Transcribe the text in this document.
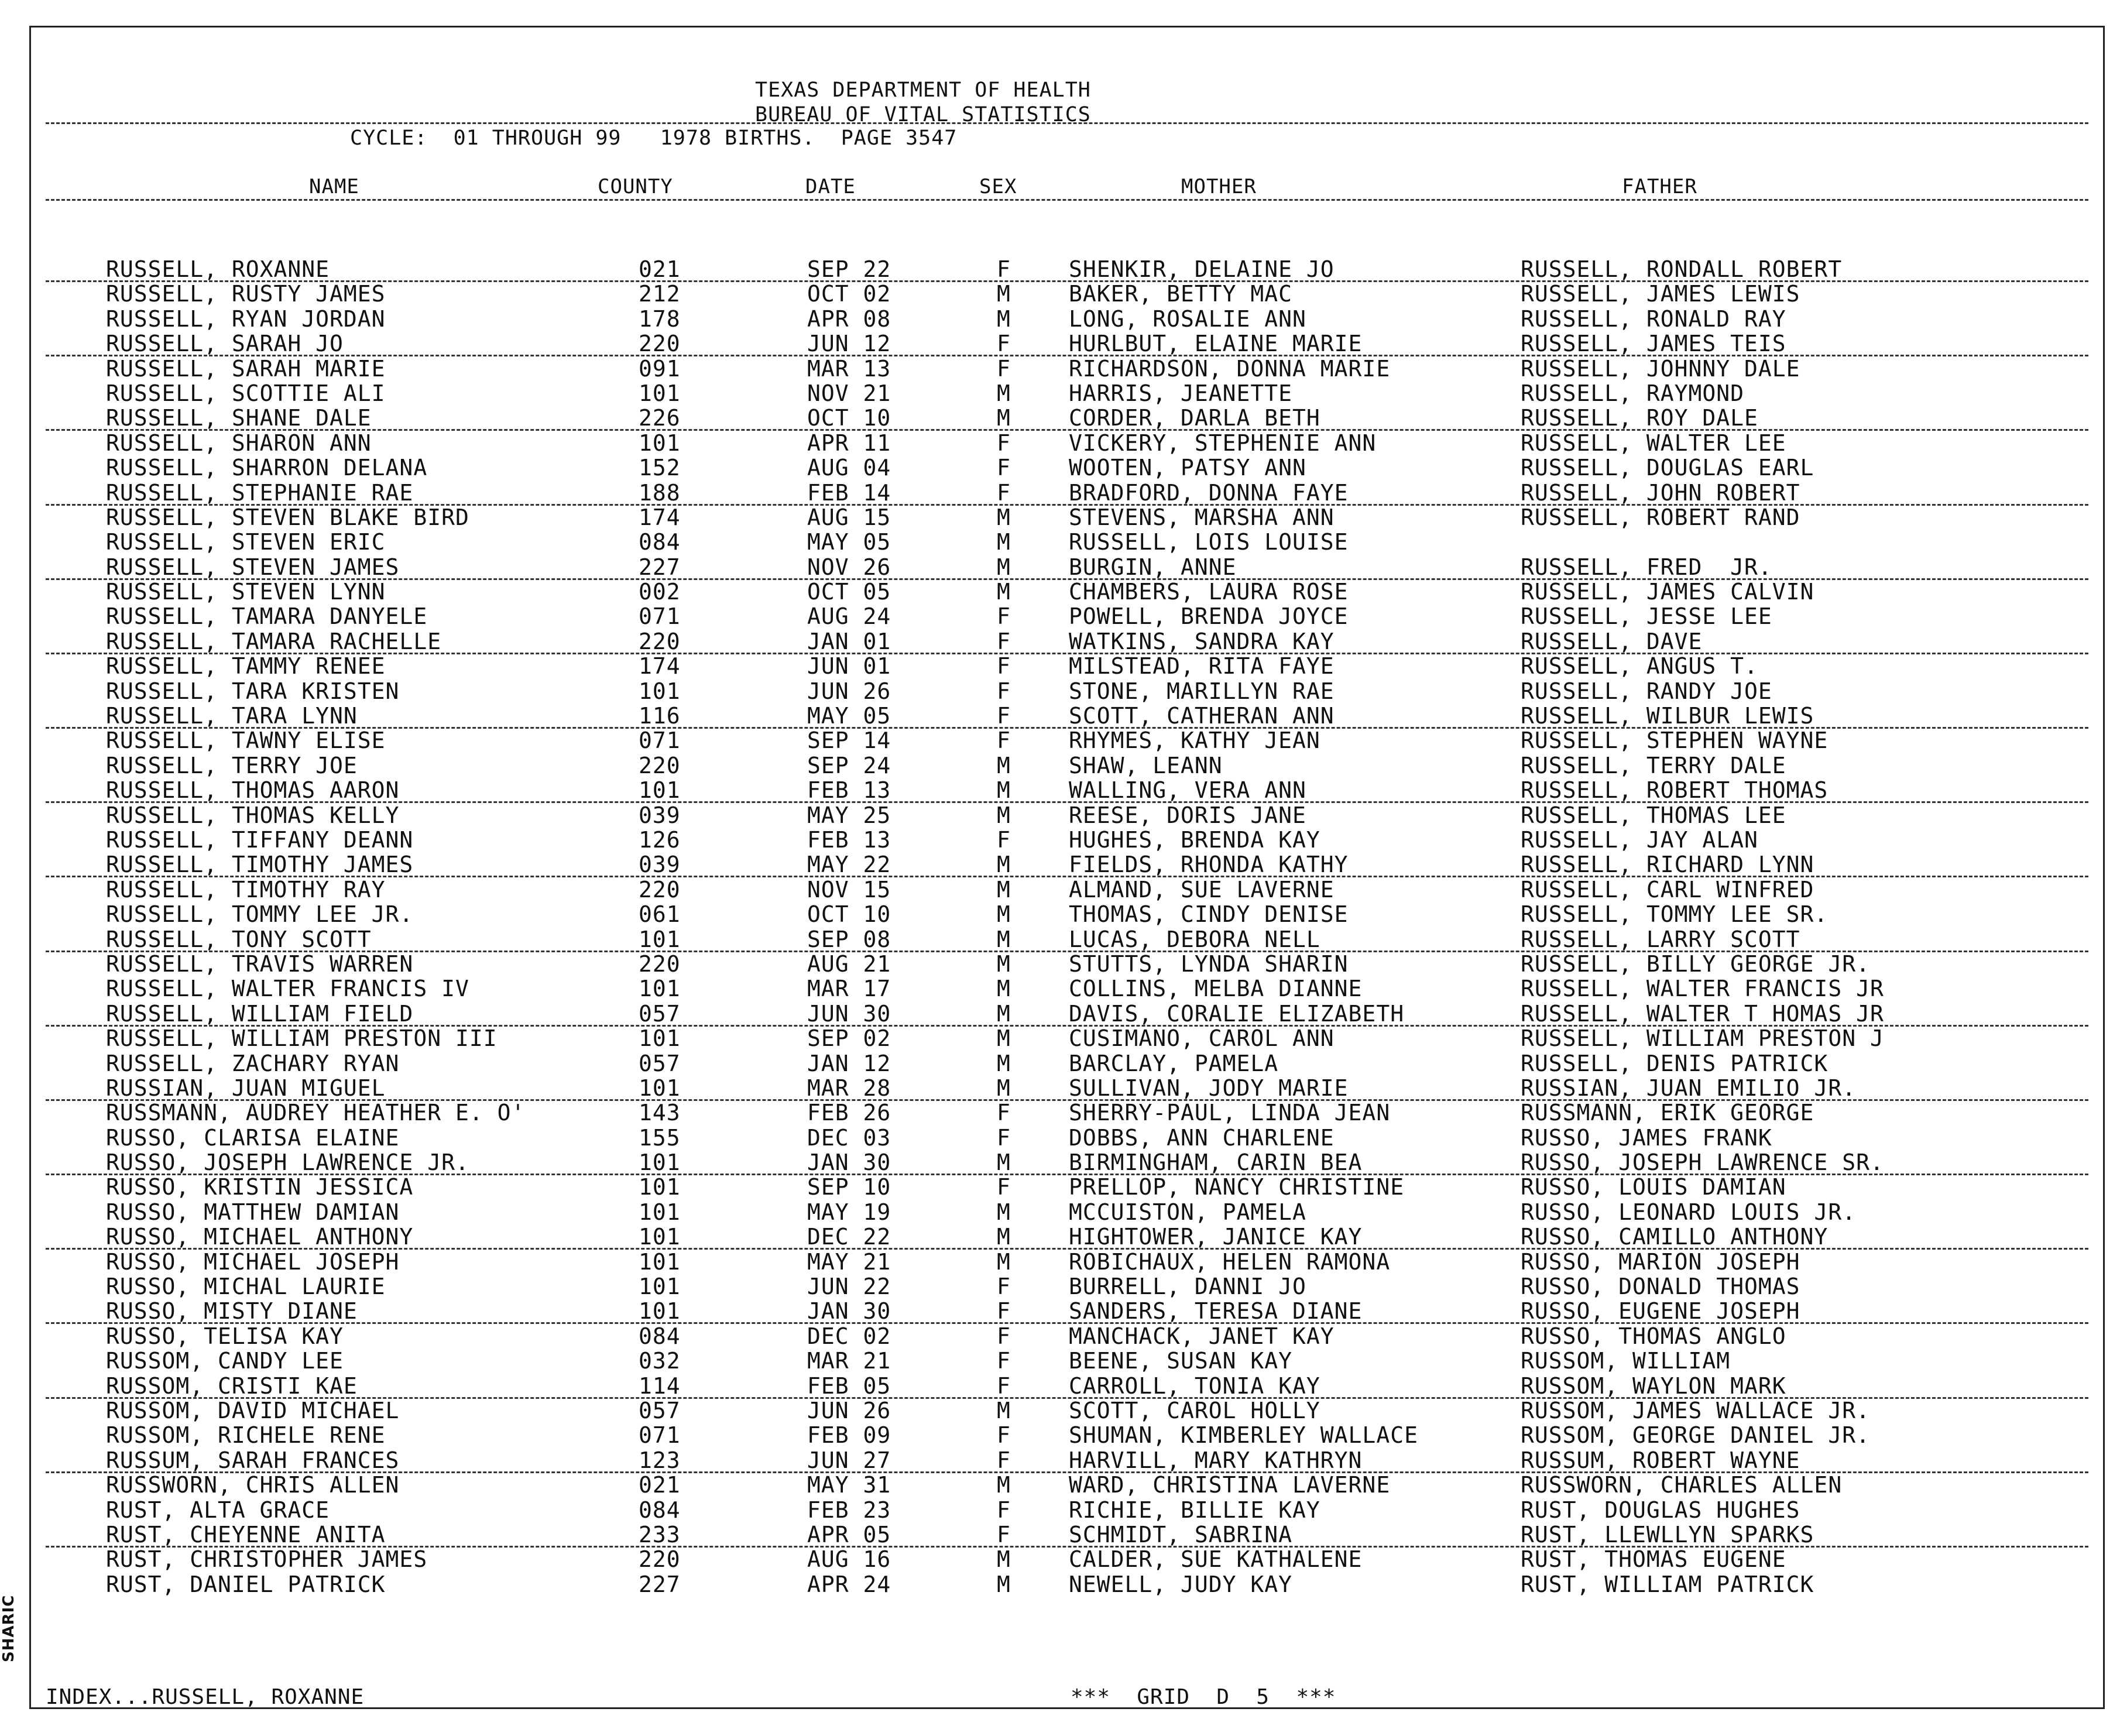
TEXAS DEPARTMENT OF HEALTH
BUREAU OF VITAL STATISTICS
CYCLE:  01 THROUGH 99   1978 BIRTHS.  PAGE 3547
NAME	COUNTY	DATE	SEX	MOTHER	FATHER
RUSSELL, ROXANNE	021	SEP 22	F	SHENKIR, DELAINE JO	RUSSELL, RONDALL ROBERT
RUSSELL, RUSTY JAMES	212	OCT 02	M	BAKER, BETTY MAC	RUSSELL, JAMES LEWIS
RUSSELL, RYAN JORDAN	178	APR 08	M	LONG, ROSALIE ANN	RUSSELL, RONALD RAY
RUSSELL, SARAH JO	220	JUN 12	F	HURLBUT, ELAINE MARIE	RUSSELL, JAMES TEIS
RUSSELL, SARAH MARIE	091	MAR 13	F	RICHARDSON, DONNA MARIE	RUSSELL, JOHNNY DALE
RUSSELL, SCOTTIE ALI	101	NOV 21	M	HARRIS, JEANETTE	RUSSELL, RAYMOND
RUSSELL, SHANE DALE	226	OCT 10	M	CORDER, DARLA BETH	RUSSELL, ROY DALE
RUSSELL, SHARON ANN	101	APR 11	F	VICKERY, STEPHENIE ANN	RUSSELL, WALTER LEE
RUSSELL, SHARRON DELANA	152	AUG 04	F	WOOTEN, PATSY ANN	RUSSELL, DOUGLAS EARL
RUSSELL, STEPHANIE RAE	188	FEB 14	F	BRADFORD, DONNA FAYE	RUSSELL, JOHN ROBERT
RUSSELL, STEVEN BLAKE BIRD	174	AUG 15	M	STEVENS, MARSHA ANN	RUSSELL, ROBERT RAND
RUSSELL, STEVEN ERIC	084	MAY 05	M	RUSSELL, LOIS LOUISE
RUSSELL, STEVEN JAMES	227	NOV 26	M	BURGIN, ANNE	RUSSELL, FRED  JR.
RUSSELL, STEVEN LYNN	002	OCT 05	M	CHAMBERS, LAURA ROSE	RUSSELL, JAMES CALVIN
RUSSELL, TAMARA DANYELE	071	AUG 24	F	POWELL, BRENDA JOYCE	RUSSELL, JESSE LEE
RUSSELL, TAMARA RACHELLE	220	JAN 01	F	WATKINS, SANDRA KAY	RUSSELL, DAVE
RUSSELL, TAMMY RENEE	174	JUN 01	F	MILSTEAD, RITA FAYE	RUSSELL, ANGUS T.
RUSSELL, TARA KRISTEN	101	JUN 26	F	STONE, MARILLYN RAE	RUSSELL, RANDY JOE
RUSSELL, TARA LYNN	116	MAY 05	F	SCOTT, CATHERAN ANN	RUSSELL, WILBUR LEWIS
RUSSELL, TAWNY ELISE	071	SEP 14	F	RHYMES, KATHY JEAN	RUSSELL, STEPHEN WAYNE
RUSSELL, TERRY JOE	220	SEP 24	M	SHAW, LEANN	RUSSELL, TERRY DALE
RUSSELL, THOMAS AARON	101	FEB 13	M	WALLING, VERA ANN	RUSSELL, ROBERT THOMAS
RUSSELL, THOMAS KELLY	039	MAY 25	M	REESE, DORIS JANE	RUSSELL, THOMAS LEE
RUSSELL, TIFFANY DEANN	126	FEB 13	F	HUGHES, BRENDA KAY	RUSSELL, JAY ALAN
RUSSELL, TIMOTHY JAMES	039	MAY 22	M	FIELDS, RHONDA KATHY	RUSSELL, RICHARD LYNN
RUSSELL, TIMOTHY RAY	220	NOV 15	M	ALMAND, SUE LAVERNE	RUSSELL, CARL WINFRED
RUSSELL, TOMMY LEE JR.	061	OCT 10	M	THOMAS, CINDY DENISE	RUSSELL, TOMMY LEE SR.
RUSSELL, TONY SCOTT	101	SEP 08	M	LUCAS, DEBORA NELL	RUSSELL, LARRY SCOTT
RUSSELL, TRAVIS WARREN	220	AUG 21	M	STUTTS, LYNDA SHARIN	RUSSELL, BILLY GEORGE JR.
RUSSELL, WALTER FRANCIS IV	101	MAR 17	M	COLLINS, MELBA DIANNE	RUSSELL, WALTER FRANCIS JR
RUSSELL, WILLIAM FIELD	057	JUN 30	M	DAVIS, CORALIE ELIZABETH	RUSSELL, WALTER T HOMAS JR
RUSSELL, WILLIAM PRESTON III	101	SEP 02	M	CUSIMANO, CAROL ANN	RUSSELL, WILLIAM PRESTON J
RUSSELL, ZACHARY RYAN	057	JAN 12	M	BARCLAY, PAMELA	RUSSELL, DENIS PATRICK
RUSSIAN, JUAN MIGUEL	101	MAR 28	M	SULLIVAN, JODY MARIE	RUSSIAN, JUAN EMILIO JR.
RUSSMANN, AUDREY HEATHER E. O'	143	FEB 26	F	SHERRY-PAUL, LINDA JEAN	RUSSMANN, ERIK GEORGE
RUSSO, CLARISA ELAINE	155	DEC 03	F	DOBBS, ANN CHARLENE	RUSSO, JAMES FRANK
RUSSO, JOSEPH LAWRENCE JR.	101	JAN 30	M	BIRMINGHAM, CARIN BEA	RUSSO, JOSEPH LAWRENCE SR.
RUSSO, KRISTIN JESSICA	101	SEP 10	F	PRELLOP, NANCY CHRISTINE	RUSSO, LOUIS DAMIAN
RUSSO, MATTHEW DAMIAN	101	MAY 19	M	MCCUISTON, PAMELA	RUSSO, LEONARD LOUIS JR.
RUSSO, MICHAEL ANTHONY	101	DEC 22	M	HIGHTOWER, JANICE KAY	RUSSO, CAMILLO ANTHONY
RUSSO, MICHAEL JOSEPH	101	MAY 21	M	ROBICHAUX, HELEN RAMONA	RUSSO, MARION JOSEPH
RUSSO, MICHAL LAURIE	101	JUN 22	F	BURRELL, DANNI JO	RUSSO, DONALD THOMAS
RUSSO, MISTY DIANE	101	JAN 30	F	SANDERS, TERESA DIANE	RUSSO, EUGENE JOSEPH
RUSSO, TELISA KAY	084	DEC 02	F	MANCHACK, JANET KAY	RUSSO, THOMAS ANGLO
RUSSOM, CANDY LEE	032	MAR 21	F	BEENE, SUSAN KAY	RUSSOM, WILLIAM
RUSSOM, CRISTI KAE	114	FEB 05	F	CARROLL, TONIA KAY	RUSSOM, WAYLON MARK
RUSSOM, DAVID MICHAEL	057	JUN 26	M	SCOTT, CAROL HOLLY	RUSSOM, JAMES WALLACE JR.
RUSSOM, RICHELE RENE	071	FEB 09	F	SHUMAN, KIMBERLEY WALLACE	RUSSOM, GEORGE DANIEL JR.
RUSSUM, SARAH FRANCES	123	JUN 27	F	HARVILL, MARY KATHRYN	RUSSUM, ROBERT WAYNE
RUSSWORN, CHRIS ALLEN	021	MAY 31	M	WARD, CHRISTINA LAVERNE	RUSSWORN, CHARLES ALLEN
RUST, ALTA GRACE	084	FEB 23	F	RICHIE, BILLIE KAY	RUST, DOUGLAS HUGHES
RUST, CHEYENNE ANITA	233	APR 05	F	SCHMIDT, SABRINA	RUST, LLEWLLYN SPARKS
RUST, CHRISTOPHER JAMES	220	AUG 16	M	CALDER, SUE KATHALENE	RUST, THOMAS EUGENE
RUST, DANIEL PATRICK	227	APR 24	M	NEWELL, JUDY KAY	RUST, WILLIAM PATRICK
INDEX...RUSSELL, ROXANNE	***  GRID  D  5  ***
SHARIC
